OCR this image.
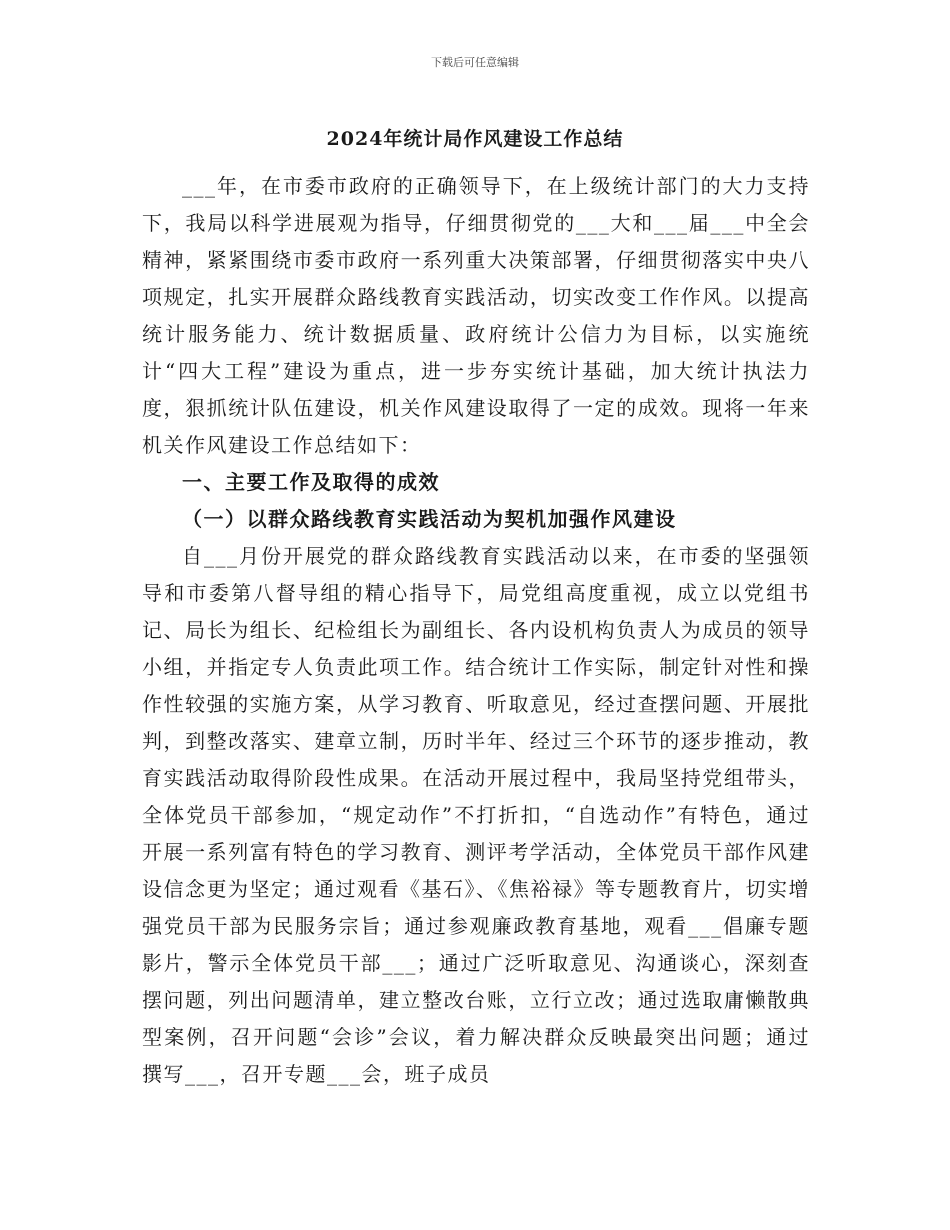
下载后可任意编辑
2024年统计局作风建设工作总结

___年，在市委市政府的正确领导下，在上级统计部门的大力支持下，我局以科学进展观为指导，仔细贯彻党的___大和___届___中全会精神，紧紧围绕市委市政府一系列重大决策部署，仔细贯彻落实中央八项规定，扎实开展群众路线教育实践活动，切实改变工作作风。以提高统计服务能力、统计数据质量、政府统计公信力为目标，以实施统计“四大工程”建设为重点，进一步夯实统计基础，加大统计执法力度，狠抓统计队伍建设，机关作风建设取得了一定的成效。现将一年来机关作风建设工作总结如下：

一、主要工作及取得的成效

（一）以群众路线教育实践活动为契机加强作风建设

自___月份开展党的群众路线教育实践活动以来，在市委的坚强领导和市委第八督导组的精心指导下，局党组高度重视，成立以党组书记、局长为组长、纪检组长为副组长、各内设机构负责人为成员的领导小组，并指定专人负责此项工作。结合统计工作实际，制定针对性和操作性较强的实施方案，从学习教育、听取意见，经过查摆问题、开展批判，到整改落实、建章立制，历时半年、经过三个环节的逐步推动，教育实践活动取得阶段性成果。在活动开展过程中，我局坚持党组带头，全体党员干部参加，“规定动作”不打折扣，“自选动作”有特色，通过开展一系列富有特色的学习教育、测评考学活动，全体党员干部作风建设信念更为坚定；通过观看《基石》、《焦裕禄》等专题教育片，切实增强党员干部为民服务宗旨；通过参观廉政教育基地，观看___倡廉专题影片，警示全体党员干部___；通过广泛听取意见、沟通谈心，深刻查摆问题，列出问题清单，建立整改台账，立行立改；通过选取庸懒散典型案例，召开问题“会诊”会议，着力解决群众反映最突出问题；通过撰写___，召开专题___会，班子成员
